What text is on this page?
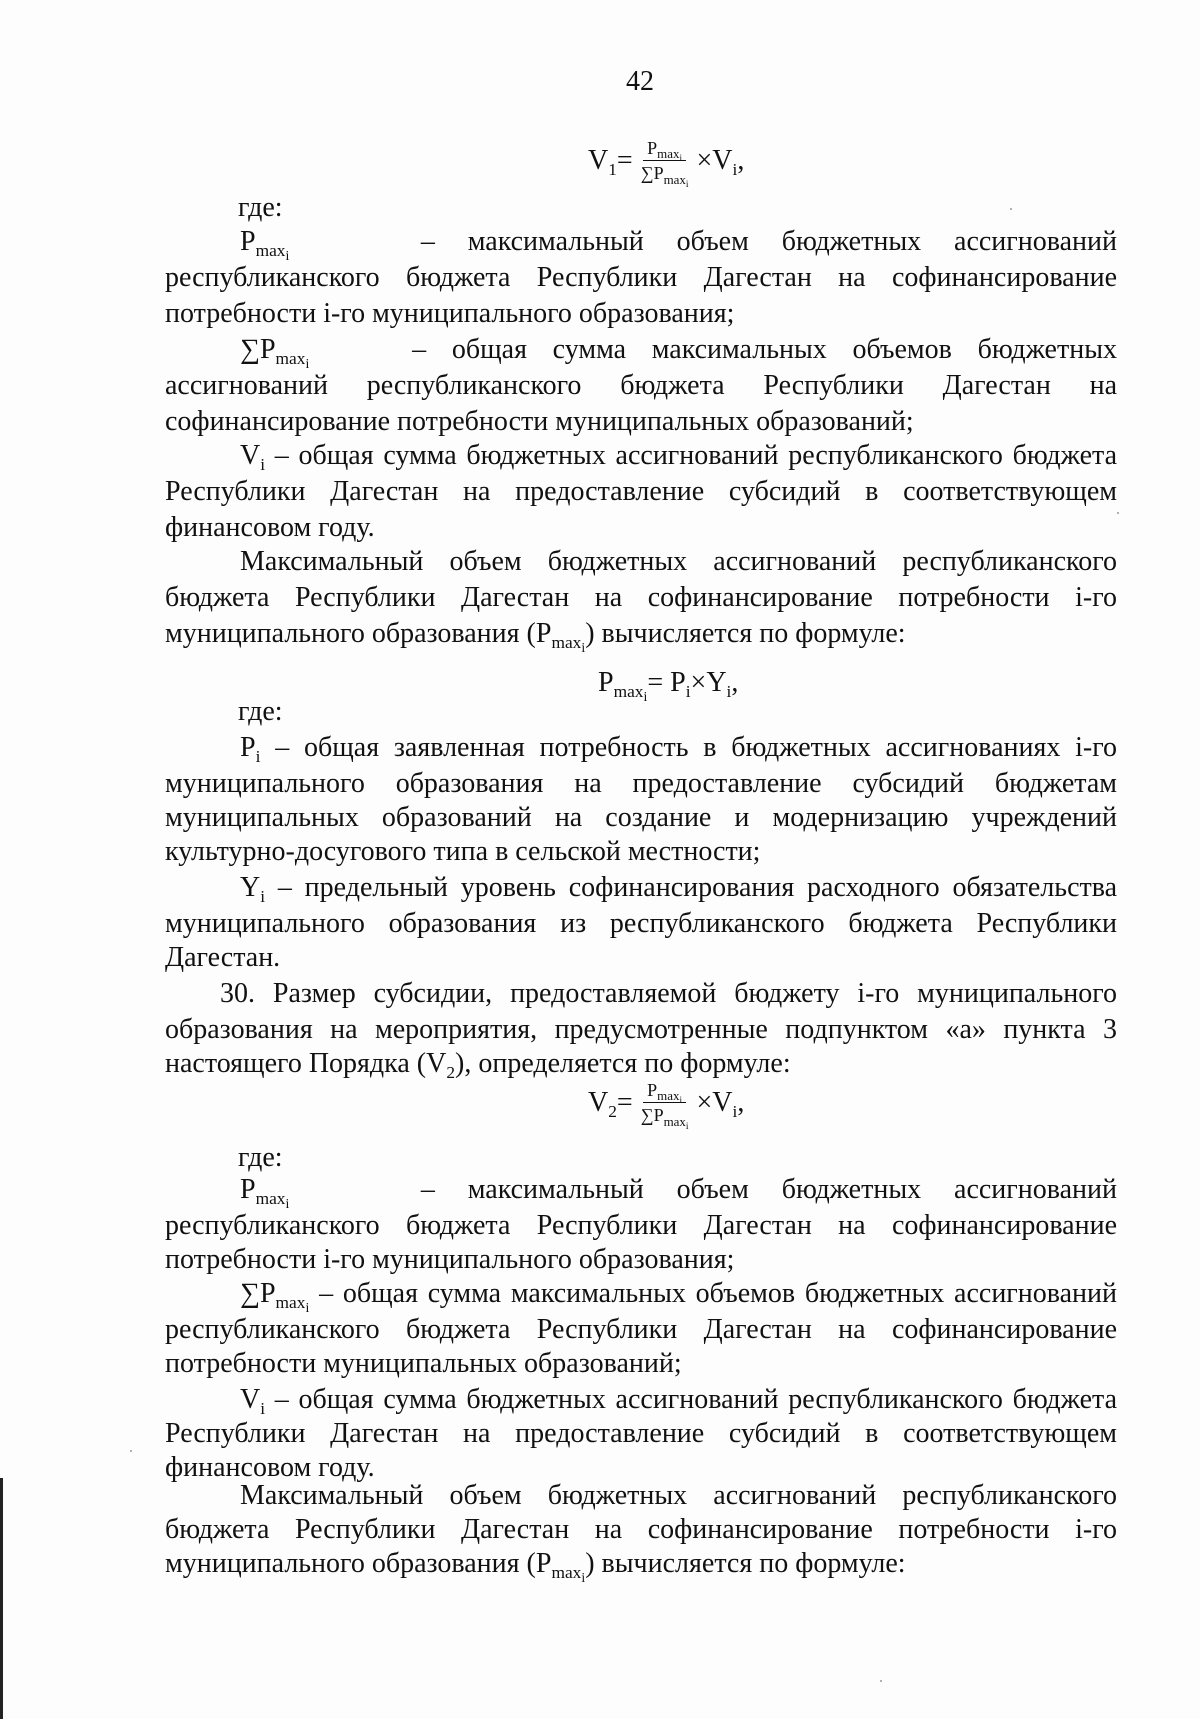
42
$V_1= \frac{P_{max_i}}{\sum P_{max_i}} \times V_i$,
где:
$P_{max_i}$	– максимальный объем бюджетных ассигнований
республиканского бюджета Республики Дагестан на софинансирование
потребности i-го муниципального образования;
$\sum P_{max_i}$	– общая сумма максимальных объемов бюджетных
ассигнований республиканского бюджета Республики Дагестан на
софинансирование потребности муниципальных образований;
$V_i$ – общая сумма бюджетных ассигнований республиканского бюджета
Республики Дагестан на предоставление субсидий в соответствующем
финансовом году.
Максимальный объем бюджетных ассигнований республиканского
бюджета Республики Дагестан на софинансирование потребности i-го
муниципального образования $(P_{max_i})$ вычисляется по формуле:
$P_{max_i}= P_i\times Y_i$,
где:
$P_i$ – общая заявленная потребность в бюджетных ассигнованиях i-го
муниципального образования на предоставление субсидий бюджетам
муниципальных образований на создание и модернизацию учреждений
культурно-досугового типа в сельской местности;
$Y_i$ – предельный уровень софинансирования расходного обязательства
муниципального образования из республиканского бюджета Республики
Дагестан.
30. Размер субсидии, предоставляемой бюджету i-го муниципального
образования на мероприятия, предусмотренные подпунктом «а» пункта 3
настоящего Порядка $(V_2)$, определяется по формуле:
$V_2= \frac{P_{max_i}}{\sum P_{max_i}} \times V_i$,
где:
$P_{max_i}$	– максимальный объем бюджетных ассигнований
республиканского бюджета Республики Дагестан на софинансирование
потребности i-го муниципального образования;
$\sum P_{max_i}$ – общая сумма максимальных объемов бюджетных ассигнований
республиканского бюджета Республики Дагестан на софинансирование
потребности муниципальных образований;
$V_i$ – общая сумма бюджетных ассигнований республиканского бюджета
Республики Дагестан на предоставление субсидий в соответствующем
финансовом году.
Максимальный объем бюджетных ассигнований республиканского
бюджета Республики Дагестан на софинансирование потребности i-го
муниципального образования $(P_{max_i})$ вычисляется по формуле:
